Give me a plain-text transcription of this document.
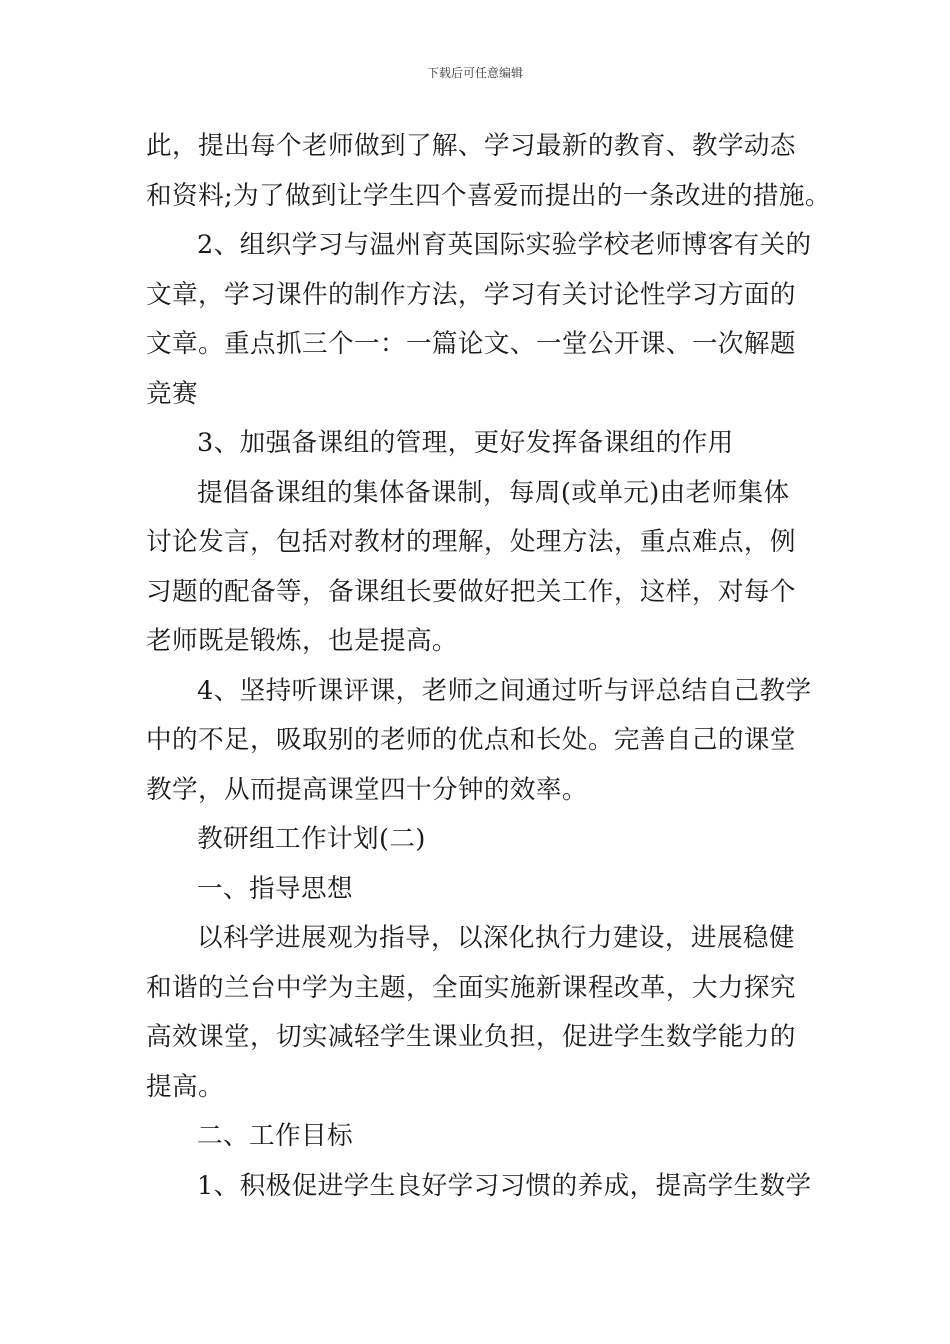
下载后可任意编辑
此，提出每个老师做到了解、学习最新的教育、教学动态
和资料;为了做到让学生四个喜爱而提出的一条改进的措施。
2、组织学习与温州育英国际实验学校老师博客有关的
文章，学习课件的制作方法，学习有关讨论性学习方面的
文章。重点抓三个一：一篇论文、一堂公开课、一次解题
竞赛
3、加强备课组的管理，更好发挥备课组的作用
提倡备课组的集体备课制，每周(或单元)由老师集体
讨论发言，包括对教材的理解，处理方法，重点难点，例
习题的配备等，备课组长要做好把关工作，这样，对每个
老师既是锻炼，也是提高。
4、坚持听课评课，老师之间通过听与评总结自己教学
中的不足，吸取别的老师的优点和长处。完善自己的课堂
教学，从而提高课堂四十分钟的效率。
教研组工作计划(二)
一、指导思想
以科学进展观为指导，以深化执行力建设，进展稳健
和谐的兰台中学为主题，全面实施新课程改革，大力探究
高效课堂，切实减轻学生课业负担，促进学生数学能力的
提高。
二、工作目标
1、积极促进学生良好学习习惯的养成，提高学生数学
